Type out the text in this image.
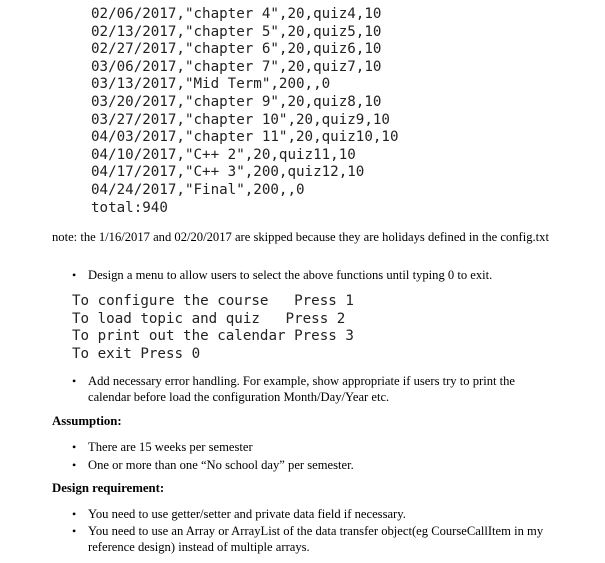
02/06/2017,"chapter 4",20,quiz4,10
02/13/2017,"chapter 5",20,quiz5,10
02/27/2017,"chapter 6",20,quiz6,10
03/06/2017,"chapter 7",20,quiz7,10
03/13/2017,"Mid Term",200,,0
03/20/2017,"chapter 9",20,quiz8,10
03/27/2017,"chapter 10",20,quiz9,10
04/03/2017,"chapter 11",20,quiz10,10
04/10/2017,"C++ 2",20,quiz11,10
04/17/2017,"C++ 3",200,quiz12,10
04/24/2017,"Final",200,,0
total:940
note: the 1/16/2017 and 02/20/2017 are skipped because they are holidays defined in the config.txt
• Design a menu to allow users to select the above functions until typing 0 to exit.
To configure the course   Press 1
To load topic and quiz   Press 2
To print out the calendar Press 3
To exit Press 0
• Add necessary error handling. For example, show appropriate if users try to print the calendar before load the configuration Month/Day/Year etc.
Assumption:
• There are 15 weeks per semester
• One or more than one “No school day” per semester.
Design requirement:
• You need to use getter/setter and private data field if necessary.
• You need to use an Array or ArrayList of the data transfer object(eg CourseCallItem in my reference design) instead of multiple arrays.
